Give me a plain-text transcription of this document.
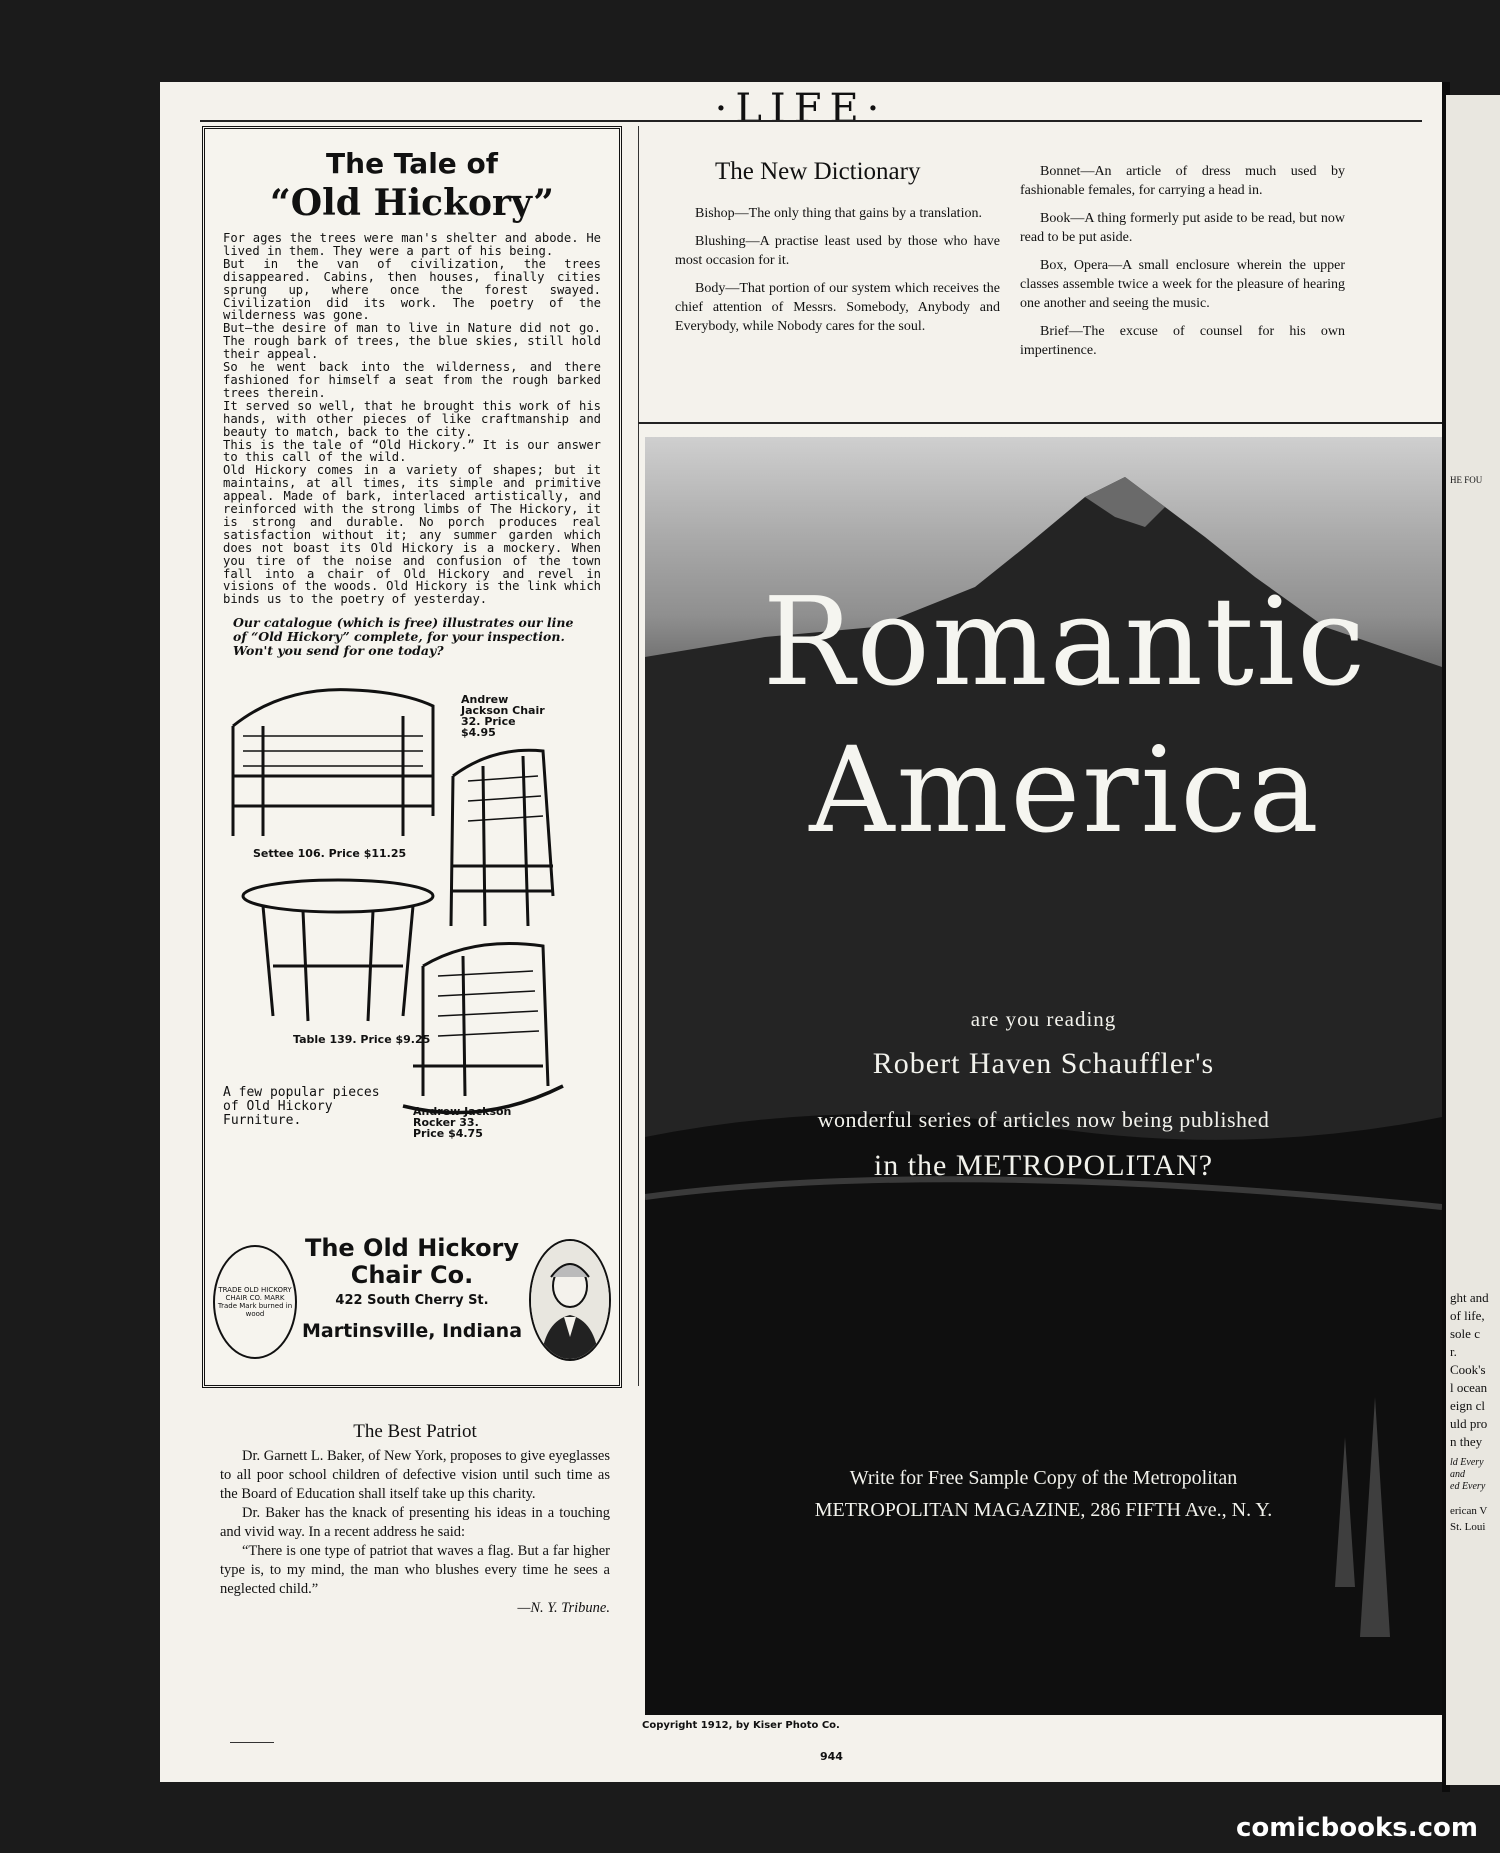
·LIFE·
The Tale of
“Old Hickory”

For ages the trees were man's shelter and abode. He lived in them. They were a part of his being.

But in the van of civilization, the trees disappeared. Cabins, then houses, finally cities sprung up, where once the forest swayed. Civilization did its work. The poetry of the wilderness was gone.

But—the desire of man to live in Nature did not go. The rough bark of trees, the blue skies, still hold their appeal.

So he went back into the wilderness, and there fashioned for himself a seat from the rough barked trees therein.

It served so well, that he brought this work of his hands, with other pieces of like craftmanship and beauty to match, back to the city.

This is the tale of “Old Hickory.” It is our answer to this call of the wild.

Old Hickory comes in a variety of shapes; but it maintains, at all times, its simple and primitive appeal. Made of bark, interlaced artistically, and reinforced with the strong limbs of The Hickory, it is strong and durable. No porch produces real satisfaction without it; any summer garden which does not boast its Old Hickory is a mockery. When you tire of the noise and confusion of the town fall into a chair of Old Hickory and revel in visions of the woods. Old Hickory is the link which binds us to the poetry of yesterday.

Our catalogue (which is free) illustrates our line of “Old Hickory” complete, for your inspection. Won't you send for one today?
Andrew Jackson Chair 32. Price $4.95
Settee 106. Price $11.25
Table 139. Price $9.25
Andrew Jackson Rocker 33. Price $4.75
A few popular pieces of Old Hickory Furniture.
TRADE OLD HICKORY CHAIR CO. MARK Trade Mark burned in wood
The Old Hickory Chair Co.
422 South Cherry St.
Martinsville, Indiana
The Best Patriot

Dr. Garnett L. Baker, of New York, proposes to give eyeglasses to all poor school children of defective vision until such time as the Board of Education shall itself take up this charity.

Dr. Baker has the knack of presenting his ideas in a touching and vivid way. In a recent address he said:

“There is one type of patriot that waves a flag. But a far higher type is, to my mind, the man who blushes every time he sees a neglected child.”

—N. Y. Tribune.

The New Dictionary

Bishop—The only thing that gains by a translation.

Blushing—A practise least used by those who have most occasion for it.

Body—That portion of our system which receives the chief attention of Messrs. Somebody, Anybody and Everybody, while Nobody cares for the soul.

Bonnet—An article of dress much used by fashionable females, for carrying a head in.

Book—A thing formerly put aside to be read, but now read to be put aside.

Box, Opera—A small enclosure wherein the upper classes assemble twice a week for the pleasure of hearing one another and seeing the music.

Brief—The excuse of counsel for his own impertinence.

Romantic
America
are you reading
Robert Haven Schauffler's
wonderful series of articles now being published
in the METROPOLITAN?
Write for Free Sample Copy of the Metropolitan
METROPOLITAN MAGAZINE, 286 FIFTH Ave., N. Y.
Copyright 1912, by Kiser Photo Co.
944
HE FOU
ght and
of life,
sole c
r.
Cook's
l ocean
eign cl
uld pro
n they
ld Every
and
ed Every
erican V
St. Loui
comicbooks.com
